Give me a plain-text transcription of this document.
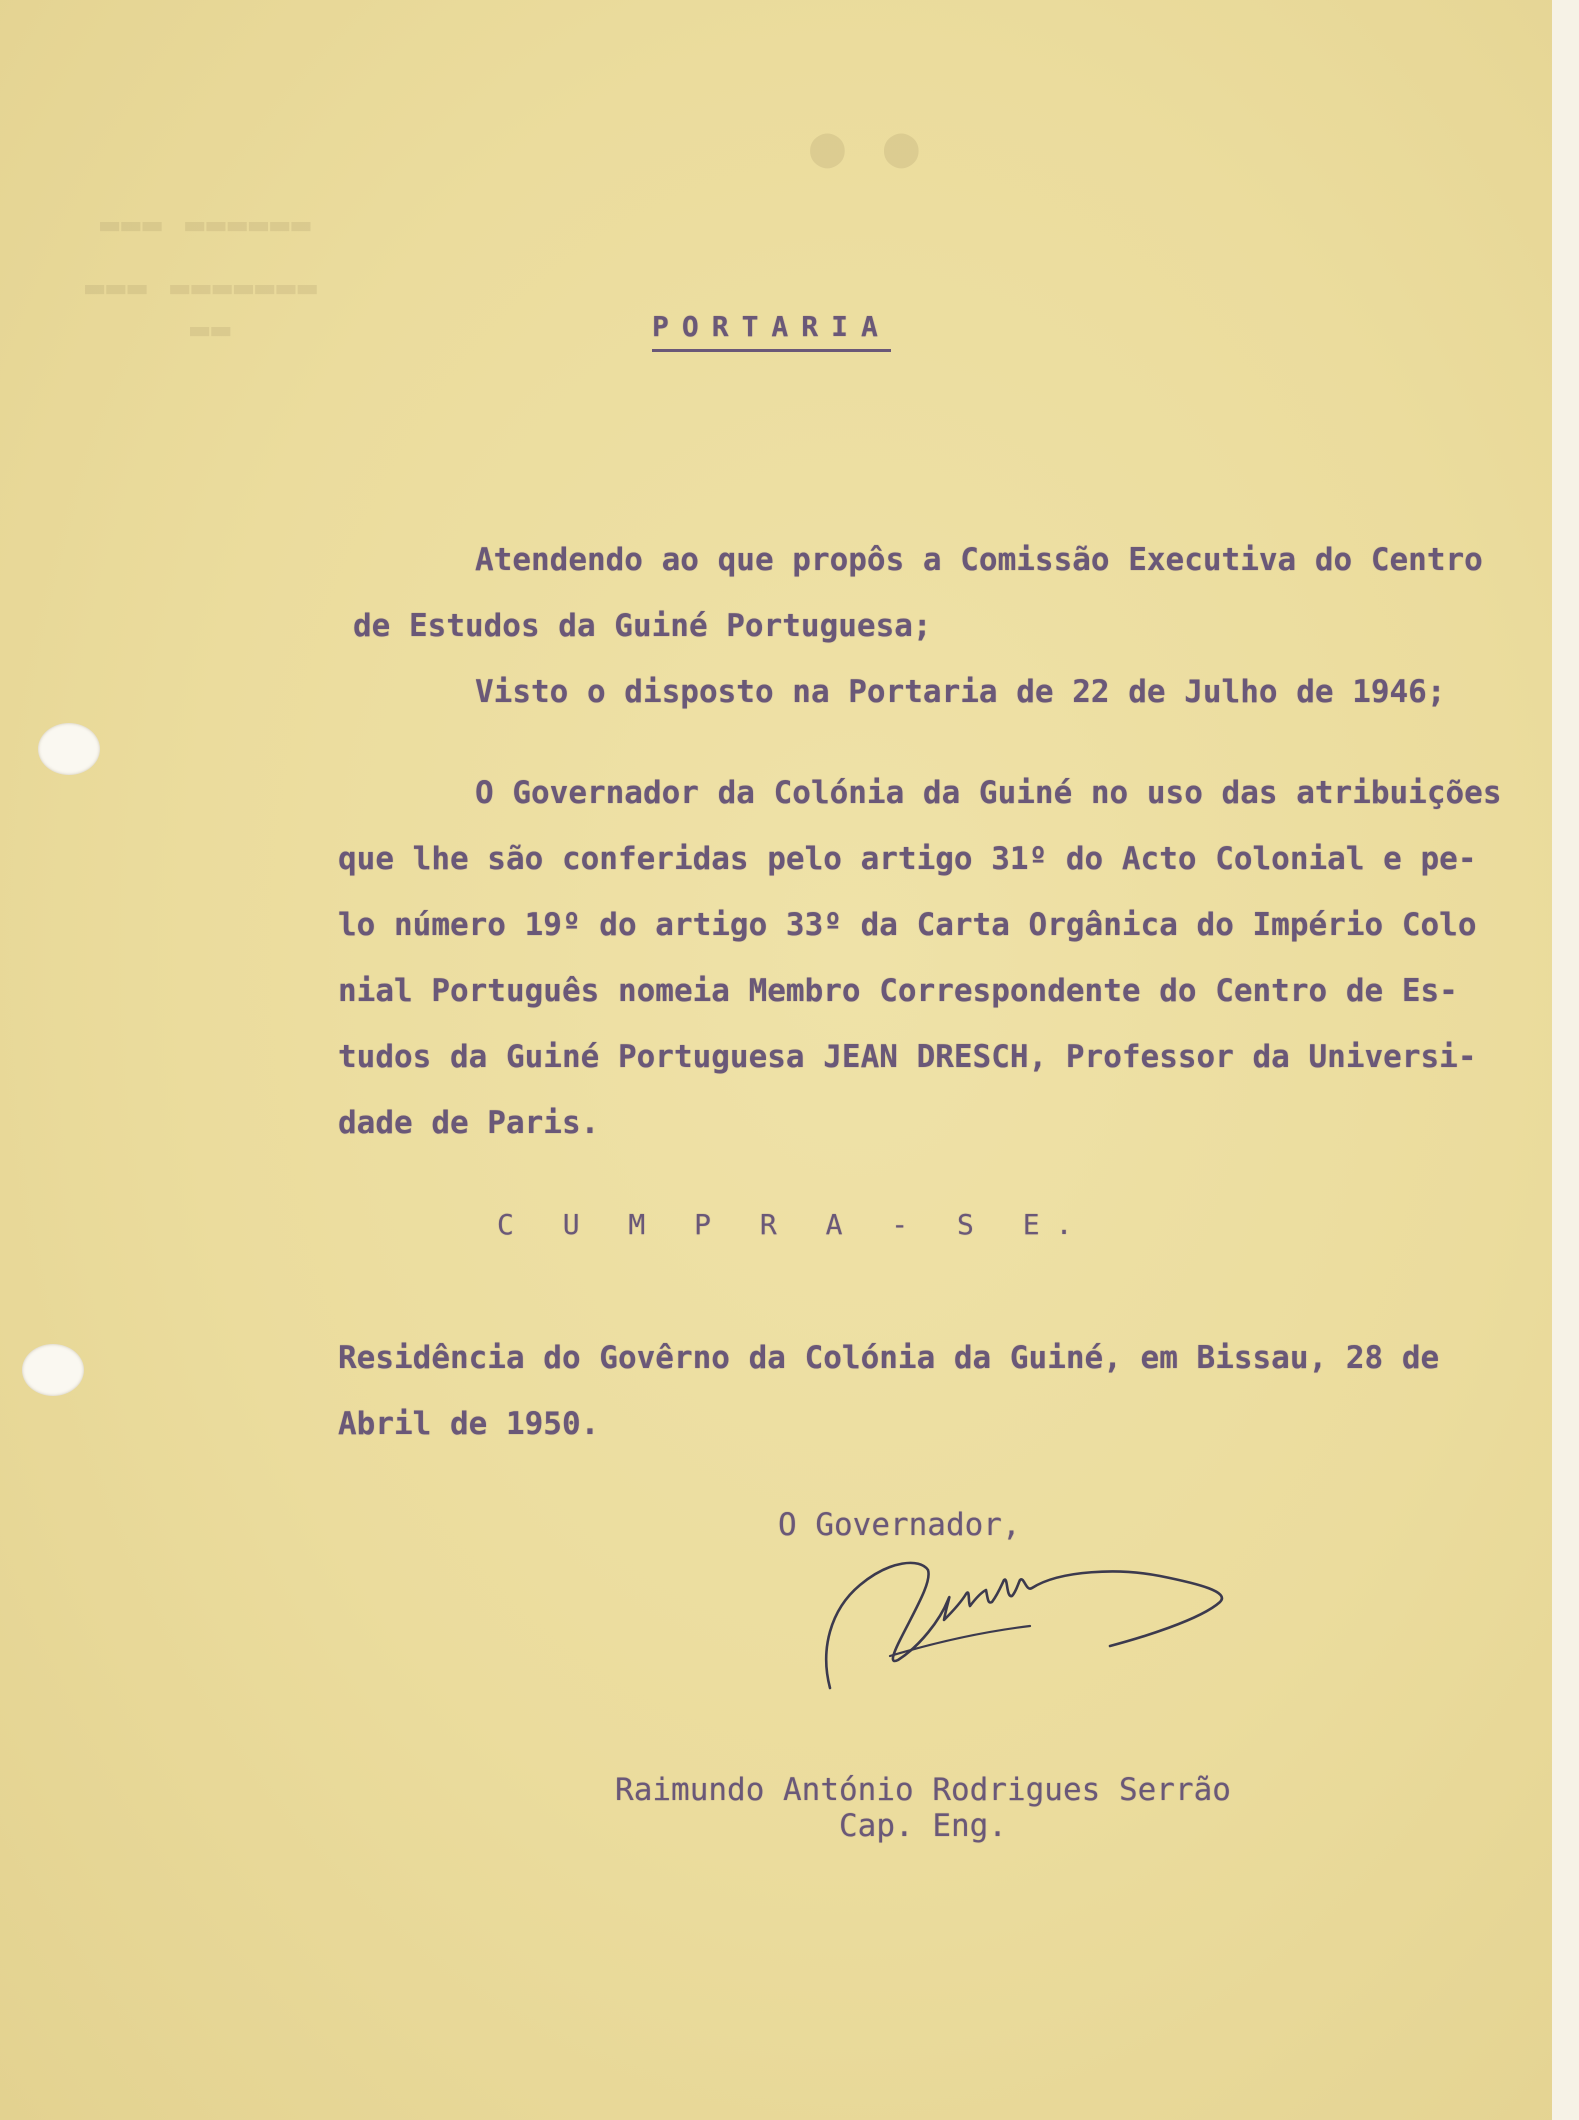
● ●
▬▬▬ ▬▬▬▬▬▬
▬▬▬ ▬▬▬▬▬▬▬
▬▬	PORTARIA

Atendendo ao que propôs a Comissão Executiva do Centro

de Estudos da Guiné Portuguesa;

Visto o disposto na Portaria de 22 de Julho de 1946;

O Governador da Colónia da Guiné no uso das atribuições

que lhe são conferidas pelo artigo 31º do Acto Colonial e pe-

lo número 19º do artigo 33º da Carta Orgânica do Império Colo

nial Português nomeia Membro Correspondente do Centro de Es-

tudos da Guiné Portuguesa JEAN DRESCH, Professor da Universi-

dade de Paris.

C U M P R A - S E.

Residência do Govêrno da Colónia da Guiné, em Bissau, 28 de

Abril de 1950.

O Governador,

Raimundo António Rodrigues Serrão
Cap. Eng.
